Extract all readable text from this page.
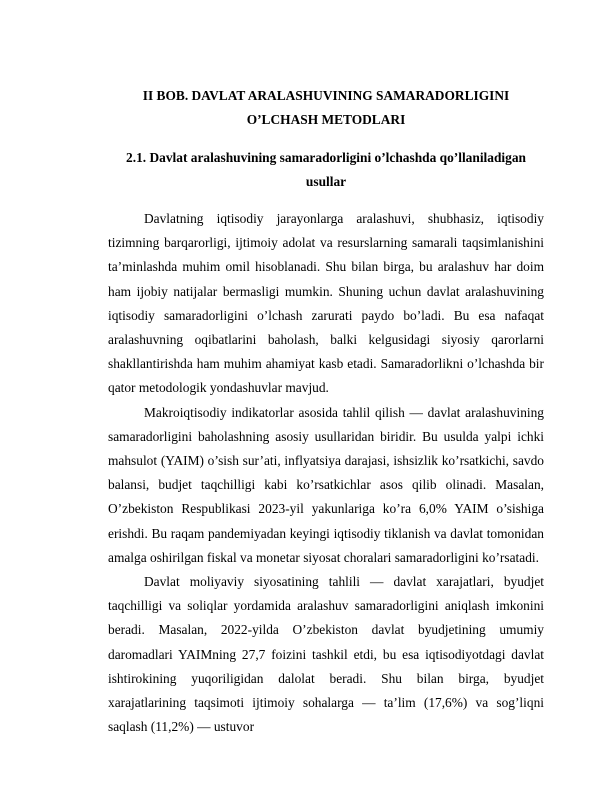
II BOB. DAVLAT ARALASHUVINING SAMARADORLIGINI
O’LCHASH METODLARI
2.1. Davlat aralashuvining samaradorligini o’lchashda qo’llaniladigan
usullar

Davlatning iqtisodiy jarayonlarga aralashuvi, shubhasiz, iqtisodiy tizimning barqarorligi, ijtimoiy adolat va resurslarning samarali taqsimlanishini ta’minlashda muhim omil hisoblanadi. Shu bilan birga, bu aralashuv har doim ham ijobiy natijalar bermasligi mumkin. Shuning uchun davlat aralashuvining iqtisodiy samaradorligini o’lchash zarurati paydo bo’ladi. Bu esa nafaqat aralashuvning oqibatlarini baholash, balki kelgusidagi siyosiy qarorlarni shakllantirishda ham muhim ahamiyat kasb etadi. Samaradorlikni o’lchashda bir qator metodologik yondashuvlar mavjud.

Makroiqtisodiy indikatorlar asosida tahlil qilish — davlat aralashuvining samaradorligini baholashning asosiy usullaridan biridir. Bu usulda yalpi ichki mahsulot (YAIM) o’sish sur’ati, inflyatsiya darajasi, ishsizlik ko’rsatkichi, savdo balansi, budjet taqchilligi kabi ko’rsatkichlar asos qilib olinadi. Masalan, O’zbekiston Respublikasi 2023-yil yakunlariga ko’ra 6,0% YAIM o’sishiga erishdi. Bu raqam pandemiyadan keyingi iqtisodiy tiklanish va davlat tomonidan amalga oshirilgan fiskal va monetar siyosat choralari samaradorligini ko’rsatadi.

Davlat moliyaviy siyosatining tahlili — davlat xarajatlari, byudjet taqchilligi va soliqlar yordamida aralashuv samaradorligini aniqlash imkonini beradi. Masalan, 2022-yilda O’zbekiston davlat byudjetining umumiy daromadlari YAIMning 27,7 foizini tashkil etdi, bu esa iqtisodiyotdagi davlat ishtirokining yuqoriligidan dalolat beradi. Shu bilan birga, byudjet xarajatlarining taqsimoti ijtimoiy sohalarga — ta’lim (17,6%) va sog’liqni saqlash (11,2%) — ustuvor
